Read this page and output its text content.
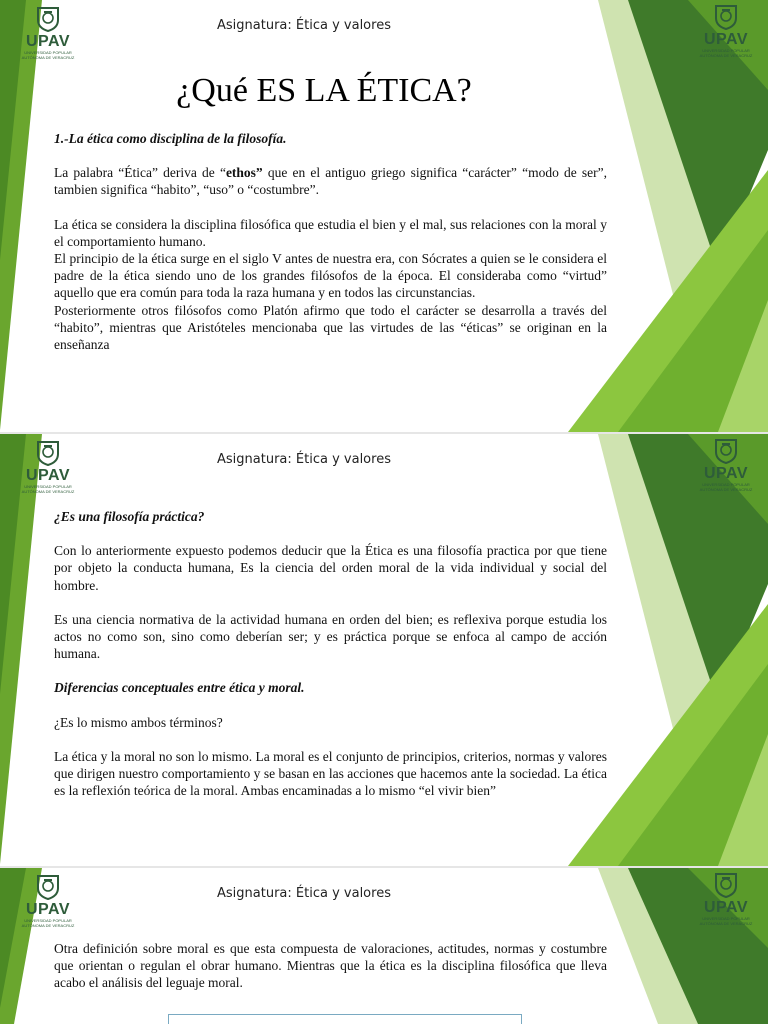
UPAV
UNIVERSIDAD POPULAR AUTÓNOMA DE VERACRUZ
UPAV
UNIVERSIDAD POPULAR AUTÓNOMA DE VERACRUZ
Asignatura: Ética y valores
¿Qué ES LA ÉTICA?

1.-La ética como disciplina de la filosofía.

La palabra “Ética” deriva de “ethos” que en el antiguo griego significa “carácter” “modo de ser”, tambien significa “habito”, “uso” o “costumbre”.

La ética se considera la disciplina filosófica que estudia el bien y el mal, sus relaciones con la moral y el comportamiento humano.

El principio de la ética surge en el siglo V antes de nuestra era, con Sócrates a quien se le considera el padre de la ética siendo uno de los grandes filósofos de la época. El consideraba como “virtud” aquello que era común para toda la raza humana y en todos las circunstancias.

Posteriormente otros filósofos como Platón afirmo que todo el carácter se desarrolla a través del “habito”, mientras que Aristóteles mencionaba que las virtudes de las “éticas” se originan en la enseñanza

UPAV
UNIVERSIDAD POPULAR AUTÓNOMA DE VERACRUZ
UPAV
UNIVERSIDAD POPULAR AUTÓNOMA DE VERACRUZ
Asignatura: Ética y valores

¿Es una filosofía práctica?

Con lo anteriormente expuesto podemos deducir que la Ética es una filosofía practica por que tiene por objeto la conducta humana, Es la ciencia del orden moral de la vida individual y social del hombre.

Es una ciencia normativa de la actividad humana en orden del bien; es reflexiva porque estudia los actos no como son, sino como deberían ser; y es práctica porque se enfoca al campo de acción humana.

Diferencias conceptuales entre ética y moral.

¿Es lo mismo ambos términos?

La ética y la moral no son lo mismo. La moral es el conjunto de principios, criterios, normas y valores que dirigen nuestro comportamiento y se basan en las acciones que hacemos ante la sociedad. La ética es la reflexión teórica de la moral. Ambas encaminadas a lo mismo “el vivir bien”

UPAV
UNIVERSIDAD POPULAR AUTÓNOMA DE VERACRUZ
UPAV
UNIVERSIDAD POPULAR AUTÓNOMA DE VERACRUZ
Asignatura: Ética y valores

Otra definición sobre moral es que esta compuesta de valoraciones, actitudes, normas y costumbre que orientan o regulan el obrar humano. Mientras que la ética es la disciplina filosófica que lleva acabo el análisis del leguaje moral.
